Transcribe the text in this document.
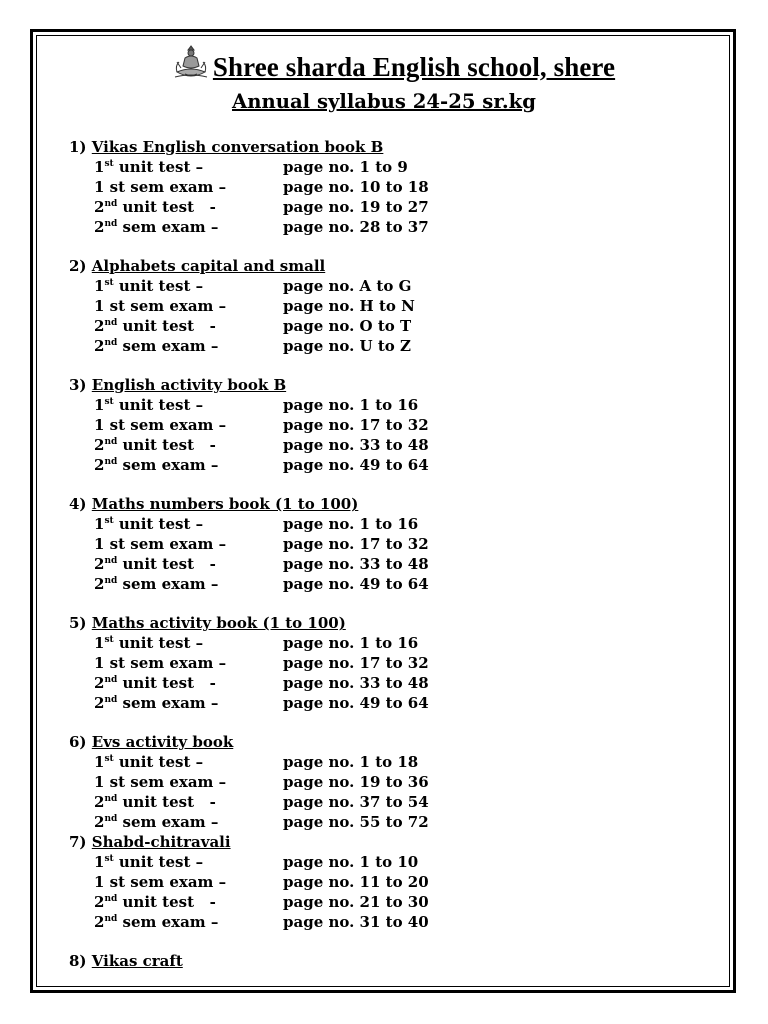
Shree sharda English school, shere
Annual syllabus 24-25 sr.kg
1) Vikas English conversation book B
1st unit test –	page no. 1 to 9
1 st sem exam –	page no. 10 to 18
2nd unit test   -	page no. 19 to 27
2nd sem exam –	page no. 28 to 37
2) Alphabets capital and small
1st unit test –	page no. A to G
1 st sem exam –	page no. H to N
2nd unit test   -	page no. O to T
2nd sem exam –	page no. U to Z
3) English activity book B
1st unit test –	page no. 1 to 16
1 st sem exam –	page no. 17 to 32
2nd unit test   -	page no. 33 to 48
2nd sem exam –	page no. 49 to 64
4) Maths numbers book (1 to 100)
1st unit test –	page no. 1 to 16
1 st sem exam –	page no. 17 to 32
2nd unit test   -	page no. 33 to 48
2nd sem exam –	page no. 49 to 64
5) Maths activity book (1 to 100)
1st unit test –	page no. 1 to 16
1 st sem exam –	page no. 17 to 32
2nd unit test   -	page no. 33 to 48
2nd sem exam –	page no. 49 to 64
6) Evs activity book
1st unit test –	page no. 1 to 18
1 st sem exam –	page no. 19 to 36
2nd unit test   -	page no. 37 to 54
2nd sem exam –	page no. 55 to 72
7) Shabd-chitravali
1st unit test –	page no. 1 to 10
1 st sem exam –	page no. 11 to 20
2nd unit test   -	page no. 21 to 30
2nd sem exam –	page no. 31 to 40
8) Vikas craft
